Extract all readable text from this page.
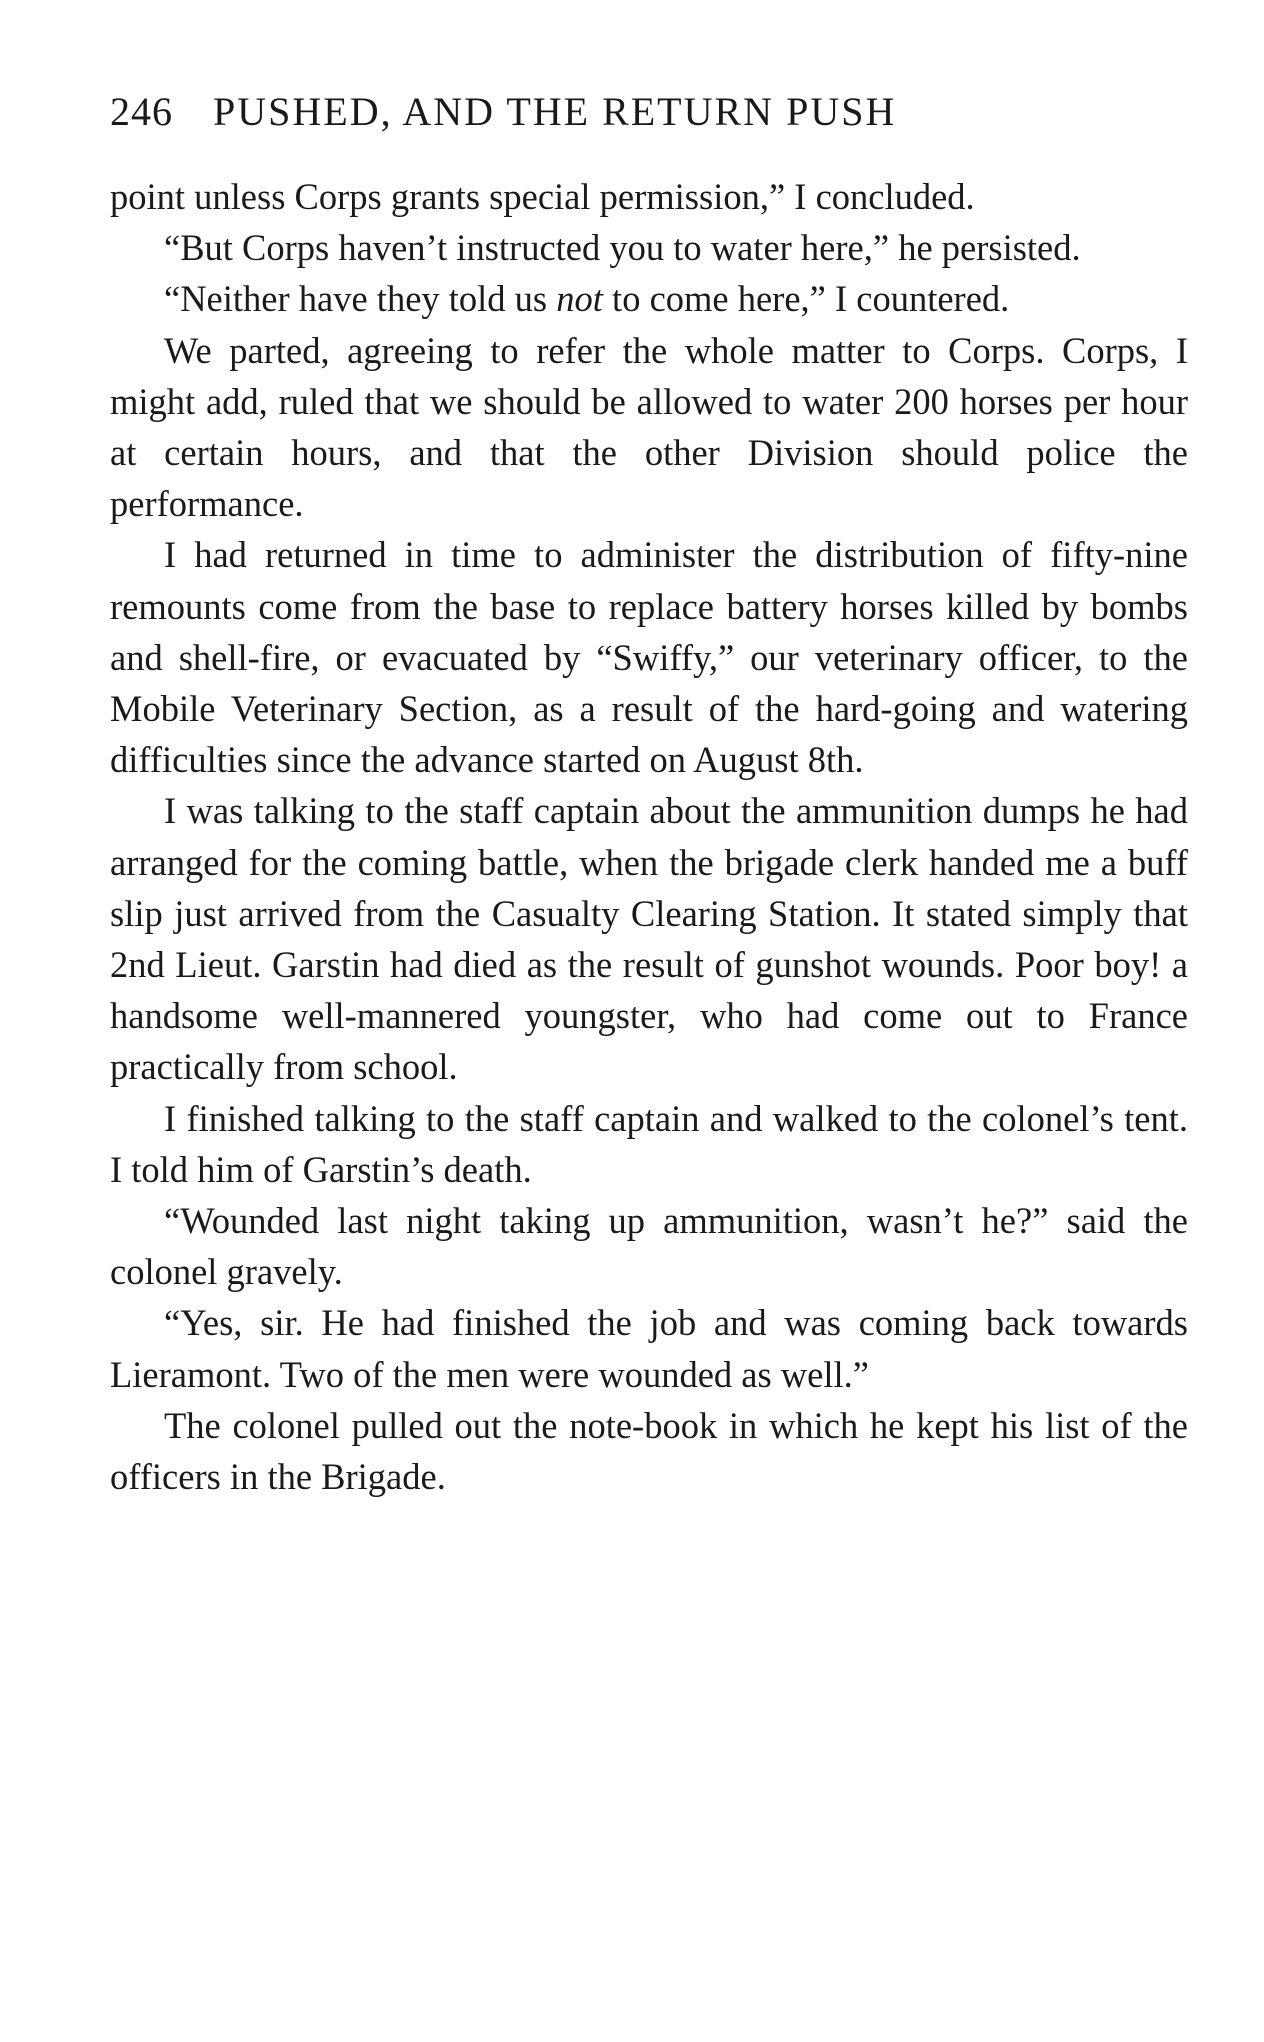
246 PUSHED, AND THE RETURN PUSH

point unless Corps grants special permission,” I concluded.

“But Corps haven’t instructed you to water here,” he persisted.

“Neither have they told us not to come here,” I countered.

We parted, agreeing to refer the whole matter to Corps. Corps, I might add, ruled that we should be allowed to water 200 horses per hour at certain hours, and that the other Division should police the performance.

I had returned in time to administer the distribution of fifty-nine remounts come from the base to replace battery horses killed by bombs and shell-fire, or evacuated by “Swiffy,” our veterinary officer, to the Mobile Veterinary Section, as a result of the hard-going and watering difficulties since the advance started on August 8th.

I was talking to the staff captain about the ammunition dumps he had arranged for the coming battle, when the brigade clerk handed me a buff slip just arrived from the Casualty Clearing Station. It stated simply that 2nd Lieut. Garstin had died as the result of gunshot wounds. Poor boy! a handsome well-mannered youngster, who had come out to France practically from school.

I finished talking to the staff captain and walked to the colonel’s tent. I told him of Garstin’s death.

“Wounded last night taking up ammunition, wasn’t he?” said the colonel gravely.

“Yes, sir. He had finished the job and was coming back towards Lieramont. Two of the men were wounded as well.”

The colonel pulled out the note-book in which he kept his list of the officers in the Brigade.
